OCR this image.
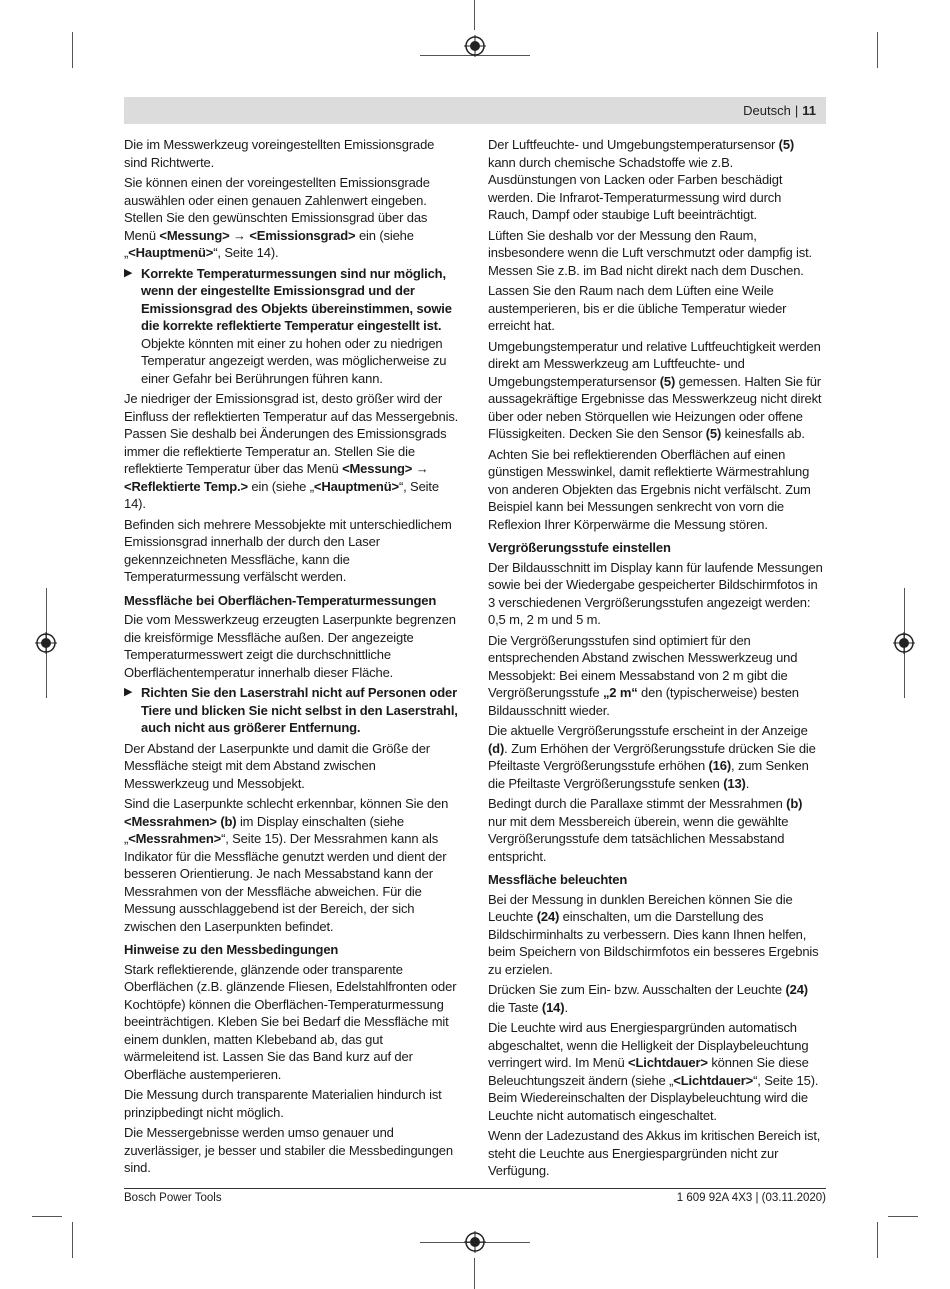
Deutsch | 11

Die im Messwerkzeug voreingestellten Emissionsgrade sind Richtwerte.

Sie können einen der voreingestellten Emissionsgrade auswählen oder einen genauen Zahlenwert eingeben. Stellen Sie den gewünschten Emissionsgrad über das Menü <Messung> → <Emissionsgrad> ein (siehe „<Hauptmenü>“, Seite 14).

▶ Korrekte Temperaturmessungen sind nur möglich, wenn der eingestellte Emissionsgrad und der Emissionsgrad des Objekts übereinstimmen, sowie die korrekte reflektierte Temperatur eingestellt ist. Objekte könnten mit einer zu hohen oder zu niedrigen Temperatur angezeigt werden, was möglicherweise zu einer Gefahr bei Berührungen führen kann.

Je niedriger der Emissionsgrad ist, desto größer wird der Einfluss der reflektierten Temperatur auf das Messergebnis. Passen Sie deshalb bei Änderungen des Emissionsgrads immer die reflektierte Temperatur an. Stellen Sie die reflektierte Temperatur über das Menü <Messung> → <Reflektierte Temp.> ein (siehe „<Hauptmenü>“, Seite 14).

Befinden sich mehrere Messobjekte mit unterschiedlichem Emissionsgrad innerhalb der durch den Laser gekennzeichneten Messfläche, kann die Temperaturmessung verfälscht werden.

Messfläche bei Oberflächen-Temperaturmessungen

Die vom Messwerkzeug erzeugten Laserpunkte begrenzen die kreisförmige Messfläche außen. Der angezeigte Temperaturmesswert zeigt die durchschnittliche Oberflächentemperatur innerhalb dieser Fläche.

▶ Richten Sie den Laserstrahl nicht auf Personen oder Tiere und blicken Sie nicht selbst in den Laserstrahl, auch nicht aus größerer Entfernung.

Der Abstand der Laserpunkte und damit die Größe der Messfläche steigt mit dem Abstand zwischen Messwerkzeug und Messobjekt.

Sind die Laserpunkte schlecht erkennbar, können Sie den <Messrahmen> (b) im Display einschalten (siehe „<Messrahmen>“, Seite 15). Der Messrahmen kann als Indikator für die Messfläche genutzt werden und dient der besseren Orientierung. Je nach Messabstand kann der Messrahmen von der Messfläche abweichen. Für die Messung ausschlaggebend ist der Bereich, der sich zwischen den Laserpunkten befindet.

Hinweise zu den Messbedingungen

Stark reflektierende, glänzende oder transparente Oberflächen (z.B. glänzende Fliesen, Edelstahlfronten oder Kochtöpfe) können die Oberflächen-Temperaturmessung beeinträchtigen. Kleben Sie bei Bedarf die Messfläche mit einem dunklen, matten Klebeband ab, das gut wärmeleitend ist. Lassen Sie das Band kurz auf der Oberfläche austemperieren.

Die Messung durch transparente Materialien hindurch ist prinzipbedingt nicht möglich.

Die Messergebnisse werden umso genauer und zuverlässiger, je besser und stabiler die Messbedingungen sind.

Der Luftfeuchte- und Umgebungstemperatursensor (5) kann durch chemische Schadstoffe wie z.B. Ausdünstungen von Lacken oder Farben beschädigt werden. Die Infrarot-Temperaturmessung wird durch Rauch, Dampf oder staubige Luft beeinträchtigt.

Lüften Sie deshalb vor der Messung den Raum, insbesondere wenn die Luft verschmutzt oder dampfig ist. Messen Sie z.B. im Bad nicht direkt nach dem Duschen.

Lassen Sie den Raum nach dem Lüften eine Weile austemperieren, bis er die übliche Temperatur wieder erreicht hat.

Umgebungstemperatur und relative Luftfeuchtigkeit werden direkt am Messwerkzeug am Luftfeuchte- und Umgebungstemperatursensor (5) gemessen. Halten Sie für aussagekräftige Ergebnisse das Messwerkzeug nicht direkt über oder neben Störquellen wie Heizungen oder offene Flüssigkeiten. Decken Sie den Sensor (5) keinesfalls ab.

Achten Sie bei reflektierenden Oberflächen auf einen günstigen Messwinkel, damit reflektierte Wärmestrahlung von anderen Objekten das Ergebnis nicht verfälscht. Zum Beispiel kann bei Messungen senkrecht von vorn die Reflexion Ihrer Körperwärme die Messung stören.

Vergrößerungsstufe einstellen

Der Bildausschnitt im Display kann für laufende Messungen sowie bei der Wiedergabe gespeicherter Bildschirmfotos in 3 verschiedenen Vergrößerungsstufen angezeigt werden: 0,5 m, 2 m und 5 m.

Die Vergrößerungsstufen sind optimiert für den entsprechenden Abstand zwischen Messwerkzeug und Messobjekt: Bei einem Messabstand von 2 m gibt die Vergrößerungsstufe „2 m“ den (typischerweise) besten Bildausschnitt wieder.

Die aktuelle Vergrößerungsstufe erscheint in der Anzeige (d). Zum Erhöhen der Vergrößerungsstufe drücken Sie die Pfeiltaste Vergrößerungsstufe erhöhen (16), zum Senken die Pfeiltaste Vergrößerungsstufe senken (13).

Bedingt durch die Parallaxe stimmt der Messrahmen (b) nur mit dem Messbereich überein, wenn die gewählte Vergrößerungsstufe dem tatsächlichen Messabstand entspricht.

Messfläche beleuchten

Bei der Messung in dunklen Bereichen können Sie die Leuchte (24) einschalten, um die Darstellung des Bildschirminhalts zu verbessern. Dies kann Ihnen helfen, beim Speichern von Bildschirmfotos ein besseres Ergebnis zu erzielen.

Drücken Sie zum Ein- bzw. Ausschalten der Leuchte (24) die Taste (14).

Die Leuchte wird aus Energiespargründen automatisch abgeschaltet, wenn die Helligkeit der Displaybeleuchtung verringert wird. Im Menü <Lichtdauer> können Sie diese Beleuchtungszeit ändern (siehe „<Lichtdauer>“, Seite 15). Beim Wiedereinschalten der Displaybeleuchtung wird die Leuchte nicht automatisch eingeschaltet.

Wenn der Ladezustand des Akkus im kritischen Bereich ist, steht die Leuchte aus Energiespargründen nicht zur Verfügung.

Bosch Power Tools	1 609 92A 4X3 | (03.11.2020)
